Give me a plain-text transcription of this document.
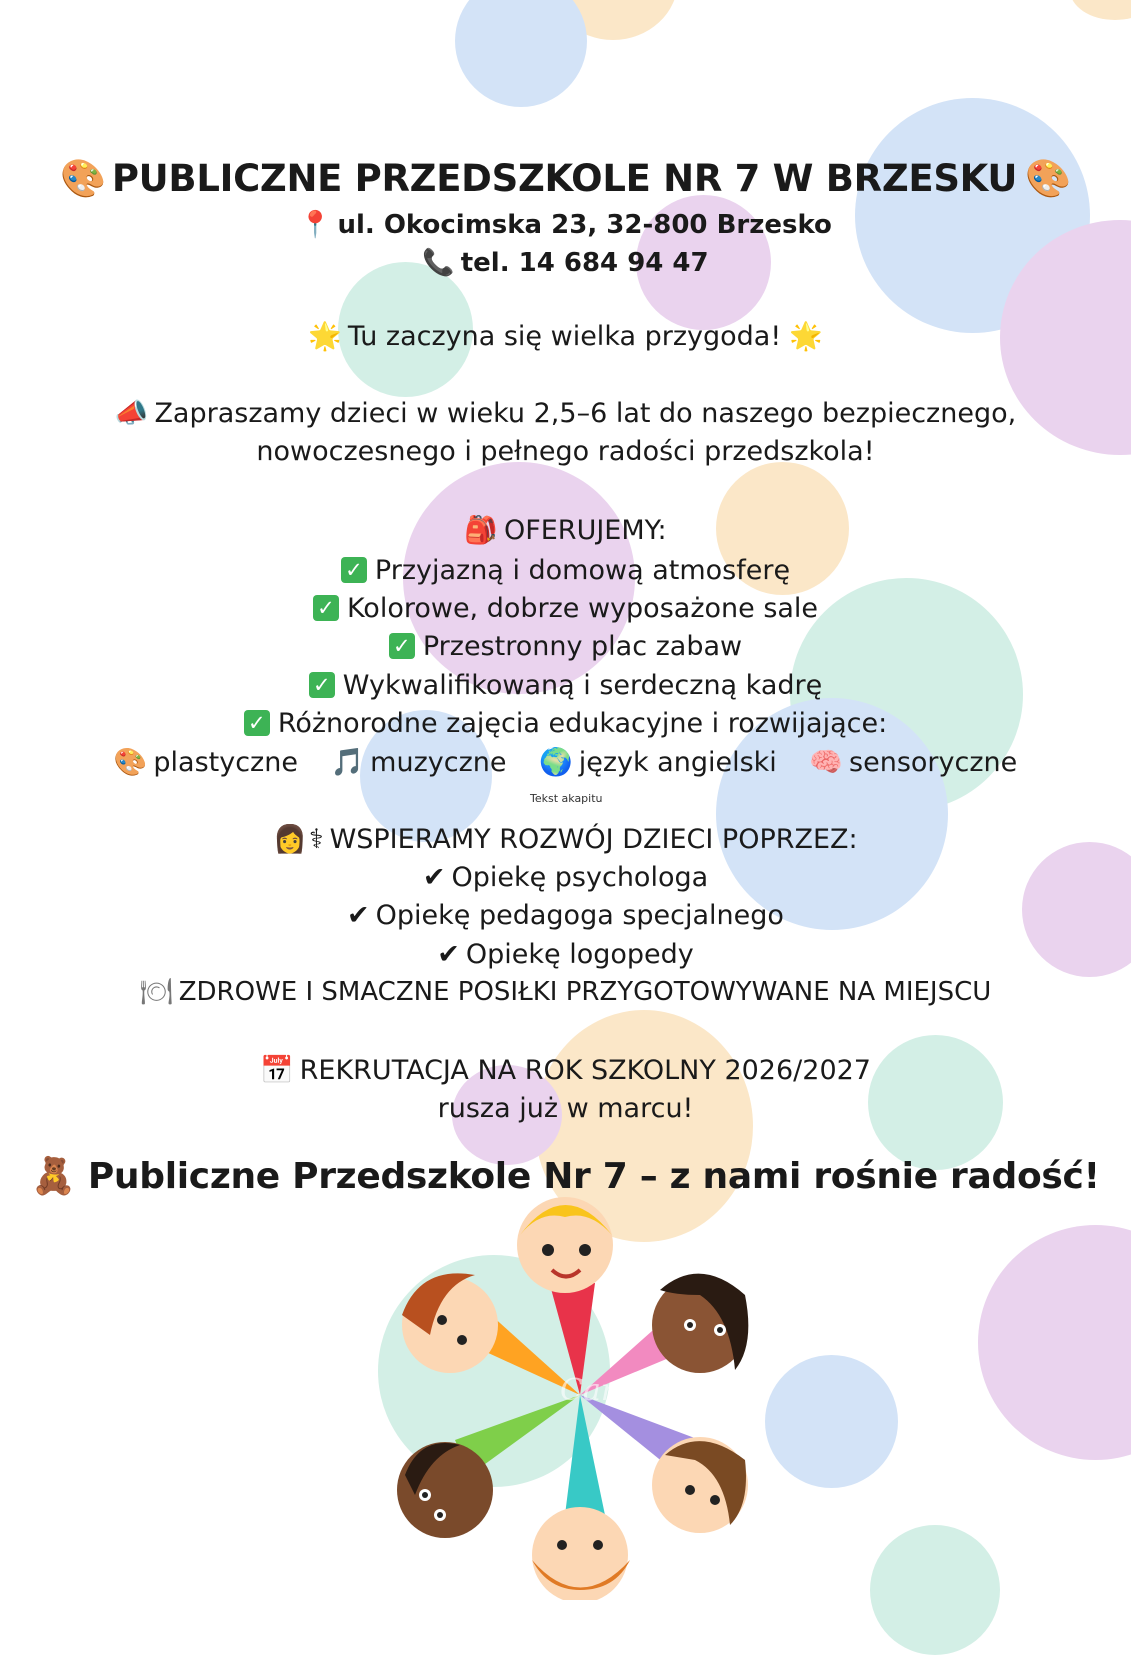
🎨 PUBLICZNE PRZEDSZKOLE NR 7 W BRZESKU 🎨
📍 ul. Okocimska 23, 32-800 Brzesko
📞 tel. 14 684 94 47
🌟 Tu zaczyna się wielka przygoda! 🌟
📣 Zapraszamy dzieci w wieku 2,5–6 lat do naszego bezpiecznego,
nowoczesnego i pełnego radości przedszkola!
🎒 OFERUJEMY:
✓ Przyjazną i domową atmosferę
✓ Kolorowe, dobrze wyposażone sale
✓ Przestronny plac zabaw
✓ Wykwalifikowaną i serdeczną kadrę
✓ Różnorodne zajęcia edukacyjne i rozwijające:
🎨 plastyczne 🎵 muzyczne 🌍 język angielski 🧠 sensoryczne
Tekst akapitu
👩⚕ WSPIERAMY ROZWÓJ DZIECI POPRZEZ:
✔ Opiekę psychologa
✔ Opiekę pedagoga specjalnego
✔ Opiekę logopedy
🍽 ZDROWE I SMACZNE POSIŁKI PRZYGOTOWYWANE NA MIEJSCU
📅 REKRUTACJA NA ROK SZKOLNY 2026/2027
rusza już w marcu!
🧸 Publiczne Przedszkole Nr 7 – z nami rośnie radość!
Canva
